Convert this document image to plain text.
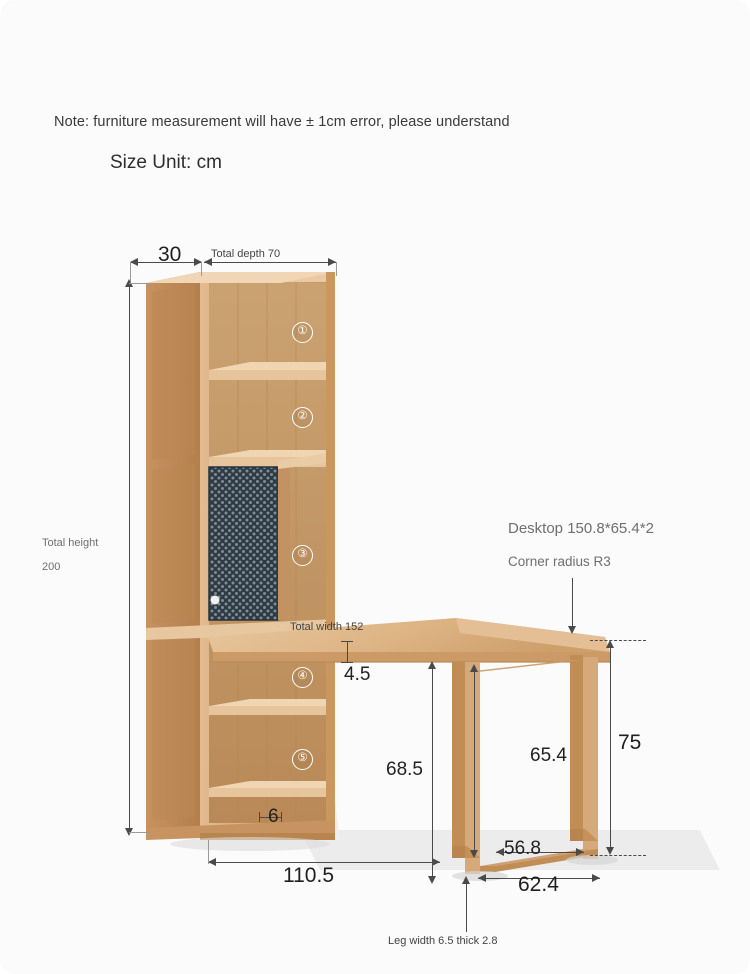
Note: furniture measurement will have ± 1cm error, please understand
Size Unit: cm
30	Total depth 70
Total height
200
①
②
③
④
⑤
Desktop 150.8*65.4*2
Corner radius R3
Total width 152
4.5
68.5
65.4
75
56.8
62.4
6
110.5
Leg width 6.5 thick 2.8
